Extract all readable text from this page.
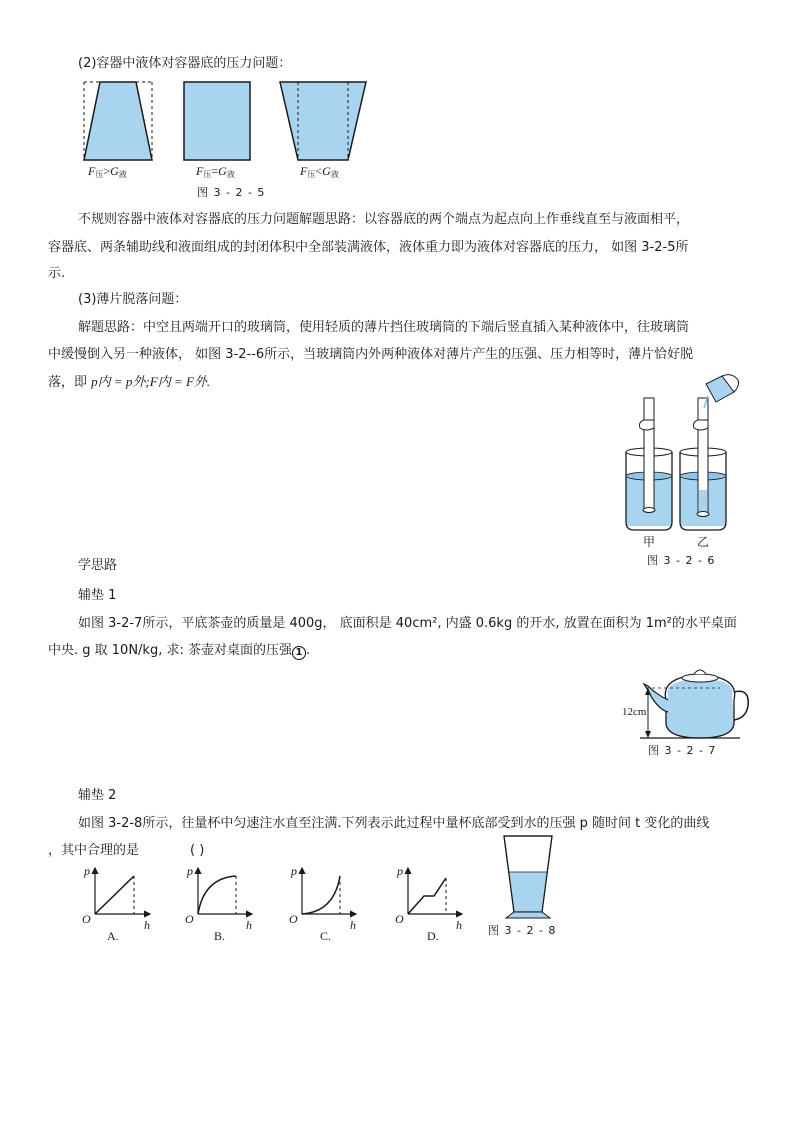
(2)容器中液体对容器底的压力问题：
$F_压>G_液$	$F_压=G_液$	$F_压<G_液$
图 3 - 2 - 5
不规则容器中液体对容器底的压力问题解题思路：以容器底的两个端点为起点向上作垂线直至与液面相平，
容器底、两条辅助线和液面组成的封闭体积中全部装满液体，液体重力即为液体对容器底的压力， 如图 3-2-5所
示.
(3)薄片脱落问题：
解题思路：中空且两端开口的玻璃筒，使用轻质的薄片挡住玻璃筒的下端后竖直插入某种液体中，往玻璃筒
中缓慢倒入另一种液体， 如图 3-2--6所示，当玻璃筒内外两种液体对薄片产生的压强、压力相等时，薄片恰好脱
落，即 p内 = p外;F内 = F外.
甲	乙
图 3 - 2 - 6
学思路
辅垫 1
如图 3-2-7所示，平底茶壶的质量是 400g， 底面积是 40cm², 内盛 0.6kg 的开水, 放置在面积为 1m²的水平桌面
中央. g 取 10N/kg, 求: 茶壶对桌面的压强 1 .
12cm
图 3 - 2 - 7
辅垫 2
如图 3-2-8所示，往量杯中匀速注水直至注满.下列表示此过程中量杯底部受到水的压强 p 随时间 t 变化的曲线
，其中合理的是	( )
p
h
O
A.
p
h
O
B.
p
h
O
C.
p
h
O
D.	图 3 - 2 - 8
